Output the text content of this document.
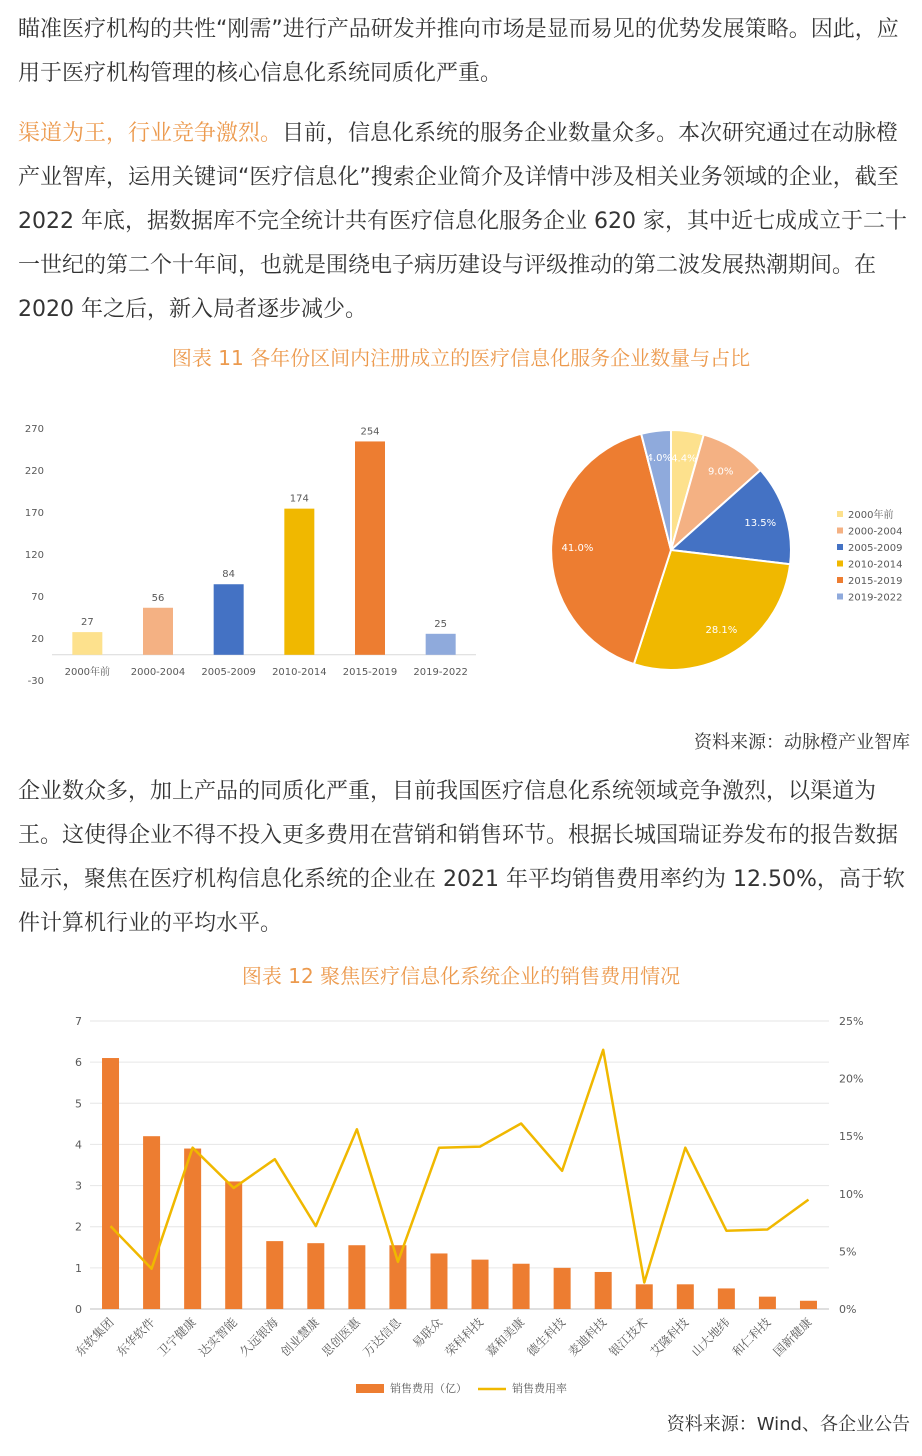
瞄准医疗机构的共性“刚需”进行产品研发并推向市场是显而易见的优势发展策略。因此，应用于医疗机构管理的核心信息化系统同质化严重。
渠道为王，行业竞争激烈。目前，信息化系统的服务企业数量众多。本次研究通过在动脉橙产业智库，运用关键词“医疗信息化”搜索企业简介及详情中涉及相关业务领域的企业，截至 2022 年底，据数据库不完全统计共有医疗信息化服务企业 620 家，其中近七成成立于二十一世纪的第二个十年间，也就是围绕电子病历建设与评级推动的第二波发展热潮期间。在 2020 年之后，新入局者逐步减少。
图表 11 各年份区间内注册成立的医疗信息化服务企业数量与占比
-30
20
70
120
170
220
270
27
2000年前
56
2000-2004
84
2005-2009
174
2010-2014
254
2015-2019
25
2019-2022
4.4%
9.0%
13.5%
28.1%
41.0%
4.0%
2000年前
2000-2004
2005-2009
2010-2014
2015-2019
2019-2022
资料来源：动脉橙产业智库
企业数众多，加上产品的同质化严重，目前我国医疗信息化系统领域竞争激烈，以渠道为王。这使得企业不得不投入更多费用在营销和销售环节。根据长城国瑞证券发布的报告数据显示，聚焦在医疗机构信息化系统的企业在 2021 年平均销售费用率约为 12.50%，高于软件计算机行业的平均水平。
图表 12 聚焦医疗信息化系统企业的销售费用情况
0
1
2
3
4
5
6
7
0%
5%
10%
15%
20%
25%
东软集团
东华软件
卫宁健康
达实智能
久远银海
创业慧康
思创医惠
万达信息 易联众
荣科科技
嘉和美康
德生科技
麦迪科技
银江技术
艾隆科技
山大地纬
和仁科技
国新健康
销售费用（亿）	销售费用率
资料来源：Wind、各企业公告
